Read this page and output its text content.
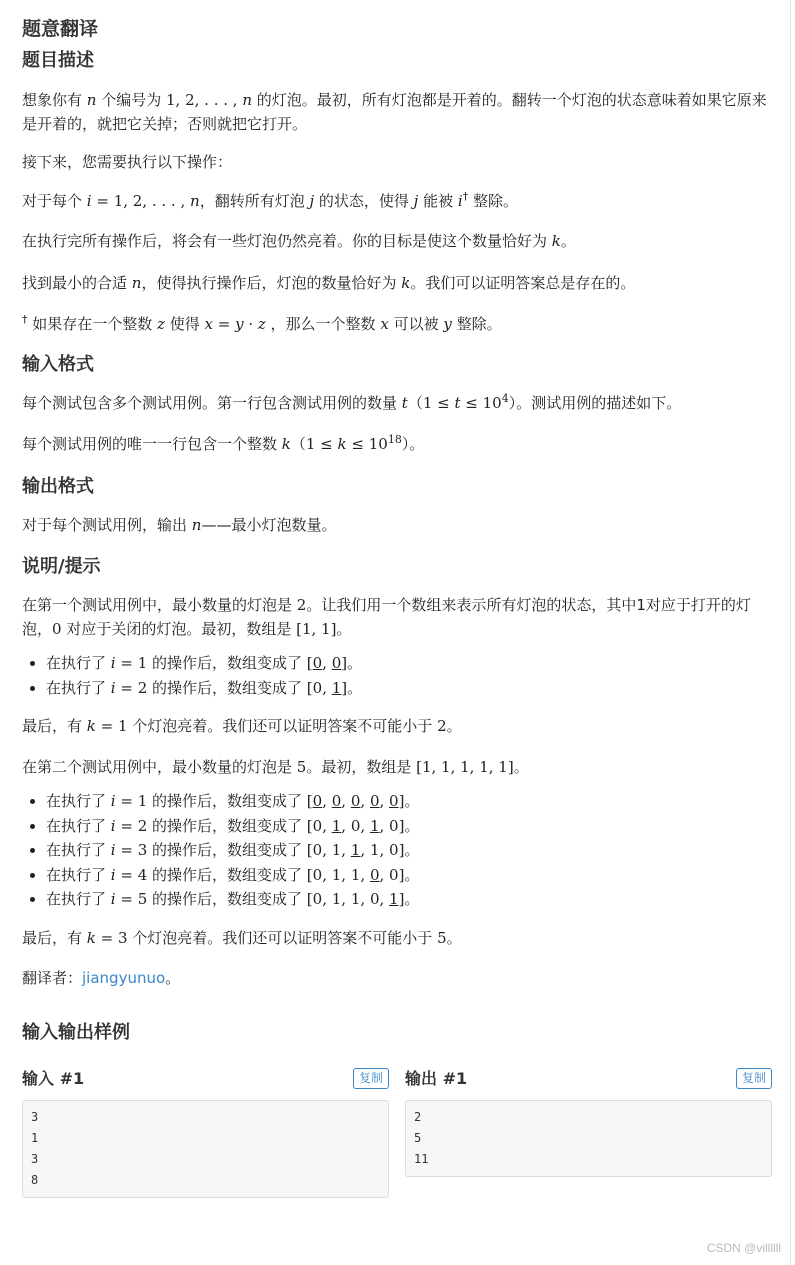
题意翻译
题目描述

想象你有 n 个编号为 1, 2, . . . , n 的灯泡。最初，所有灯泡都是开着的。翻转一个灯泡的状态意味着如果它原来是开着的，就把它关掉；否则就把它打开。

接下来，您需要执行以下操作：

对于每个 i = 1, 2, . . . , n，翻转所有灯泡 j 的状态，使得 j 能被 i† 整除。

在执行完所有操作后，将会有一些灯泡仍然亮着。你的目标是使这个数量恰好为 k。

找到最小的合适 n，使得执行操作后，灯泡的数量恰好为 k。我们可以证明答案总是存在的。

† 如果存在一个整数 z 使得 x = y · z ，那么一个整数 x 可以被 y 整除。

输入格式

每个测试包含多个测试用例。第一行包含测试用例的数量 $t(1 \le t \le 10^4)$。测试用例的描述如下。

每个测试用例的唯一一行包含一个整数 $k(1 \le k \le 10^{18})$。

输出格式

对于每个测试用例，输出 n——最小灯泡数量。

说明/提示

在第一个测试用例中，最小数量的灯泡是 2。让我们用一个数组来表示所有灯泡的状态，其中1对应于打开的灯泡，0 对应于关闭的灯泡。最初，数组是 [1, 1]。

• 在执行了 i = 1 的操作后，数组变成了 [0, 0]。
• 在执行了 i = 2 的操作后，数组变成了 [0, 1]。

最后，有 k = 1 个灯泡亮着。我们还可以证明答案不可能小于 2。

在第二个测试用例中，最小数量的灯泡是 5。最初，数组是 [1, 1, 1, 1, 1]。

• 在执行了 i = 1 的操作后，数组变成了 [0, 0, 0, 0, 0]。
• 在执行了 i = 2 的操作后，数组变成了 [0, 1, 0, 1, 0]。
• 在执行了 i = 3 的操作后，数组变成了 [0, 1, 1, 1, 0]。
• 在执行了 i = 4 的操作后，数组变成了 [0, 1, 1, 0, 0]。
• 在执行了 i = 5 的操作后，数组变成了 [0, 1, 1, 0, 1]。

最后，有 k = 3 个灯泡亮着。我们还可以证明答案不可能小于 5。

翻译者：jiangyunuo。

输入输出样例
输入 #1	复制
3
1
3
8
输出 #1	复制
2
5
11
CSDN @villllll
